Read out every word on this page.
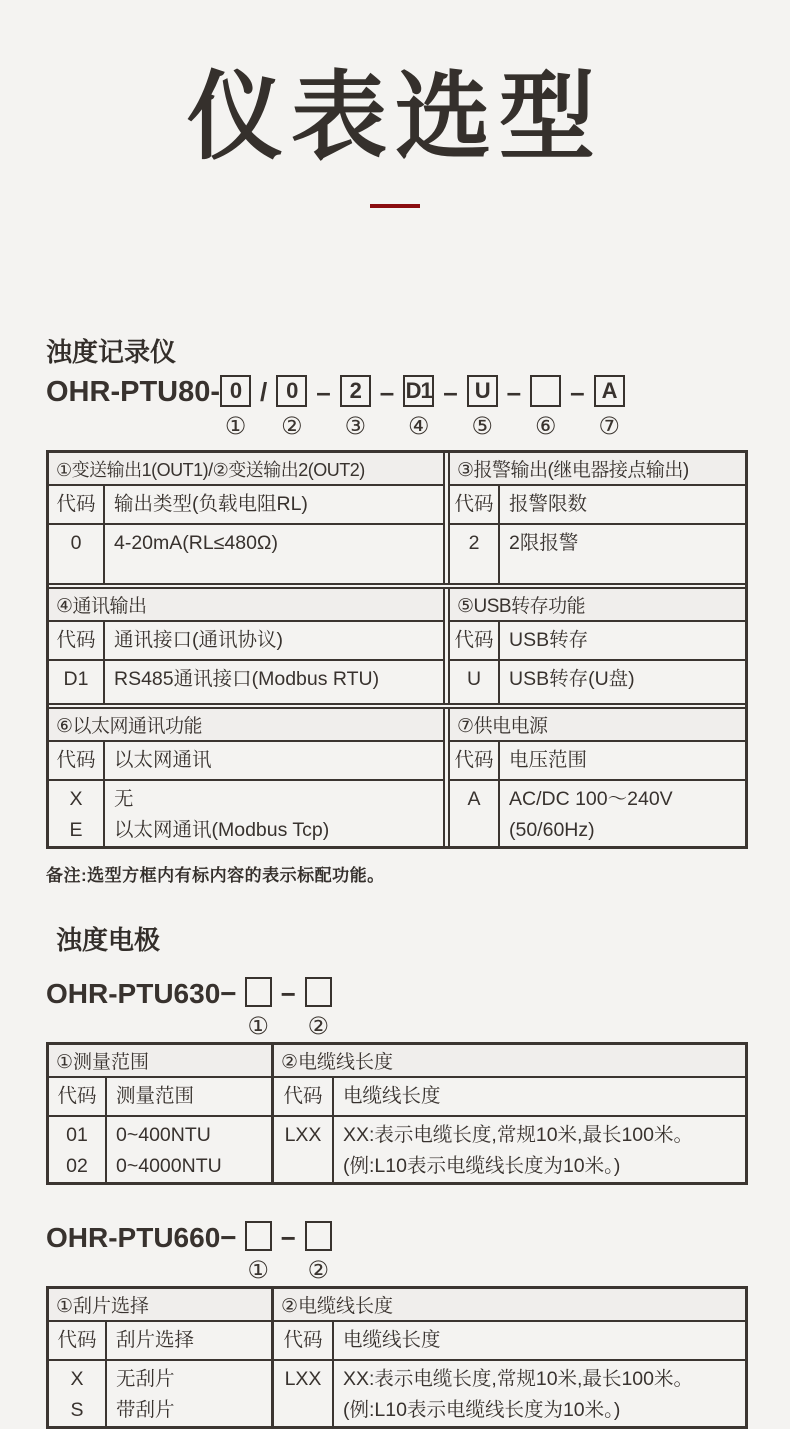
仪表选型
浊度记录仪
OHR-PTU80- 0
①
/ 0
②
– 2
③
– D1
④
– U
⑤
–
⑥
– A
⑦
①变送输出1(OUT1)/②变送输出2(OUT2)
代码 输出类型(负载电阻RL)
0 4-20mA(RL≤480Ω)
③报警输出(继电器接点输出)
代码 报警限数
2 2限报警
④通讯输出
代码 通讯接口(通讯协议)
D1 RS485通讯接口(Modbus RTU)
⑤USB转存功能
代码 USB转存
U USB转存(U盘)
⑥以太网通讯功能
代码 以太网通讯
X
E
无
以太网通讯(Modbus Tcp)
⑦供电电源
代码 电压范围
A AC/DC 100～240V
(50/60Hz)
备注:选型方框内有标内容的表示标配功能。
浊度电极
OHR-PTU630−
①
−
②
①测量范围
代码 测量范围
01
02
0~400NTU
0~4000NTU
②电缆线长度
代码 电缆线长度
LXX XX:表示电缆长度,常规10米,最长100米。
(例:L10表示电缆线长度为10米。)
OHR-PTU660−
①
−
②
①刮片选择
代码 刮片选择
X
S
无刮片
带刮片
②电缆线长度
代码 电缆线长度
LXX XX:表示电缆长度,常规10米,最长100米。
(例:L10表示电缆线长度为10米。)
